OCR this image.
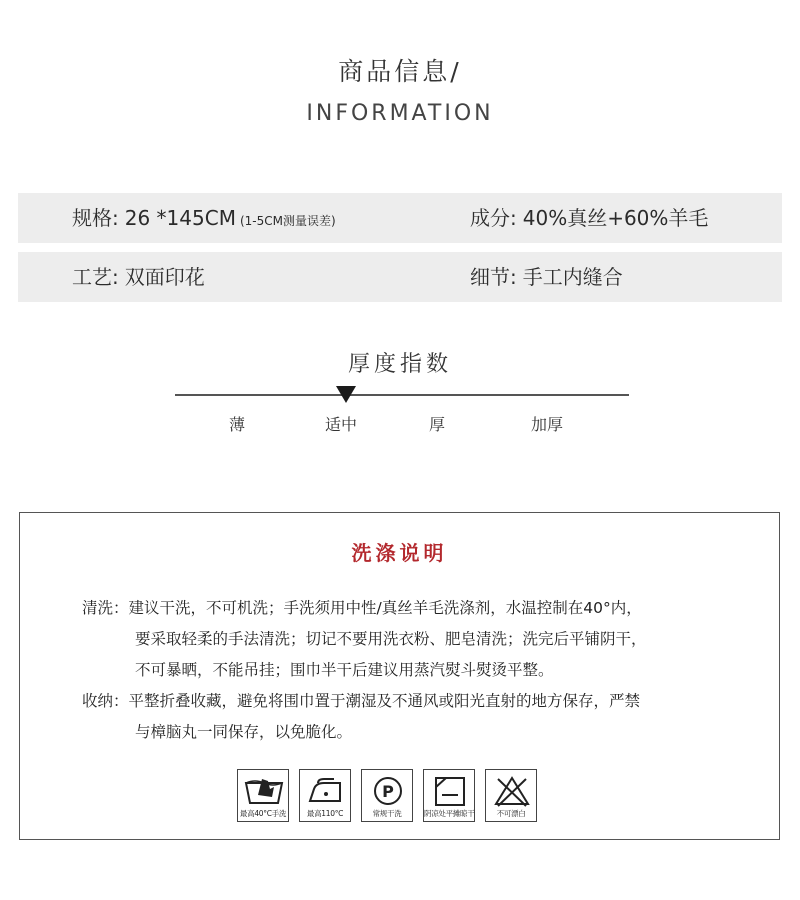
商品信息/
INFORMATION
规格: 26 *145CM (1-5CM测量误差)	成分: 40%真丝+60%羊毛
工艺: 双面印花	细节: 手工内缝合
厚度指数
薄	适中	厚	加厚
洗涤说明
清洗：建议干洗，不可机洗；手洗须用中性/真丝羊毛洗涤剂，水温控制在40°内，
要采取轻柔的手法清洗；切记不要用洗衣粉、肥皂清洗；洗完后平铺阴干，
不可暴晒，不能吊挂；围巾半干后建议用蒸汽熨斗熨烫平整。
收纳：平整折叠收藏，避免将围巾置于潮湿及不通风或阳光直射的地方保存，严禁
与樟脑丸一同保存，以免脆化。
最高40°C手洗	最高110°C
P
常规干洗	阴凉处平摊晾干	不可漂白
